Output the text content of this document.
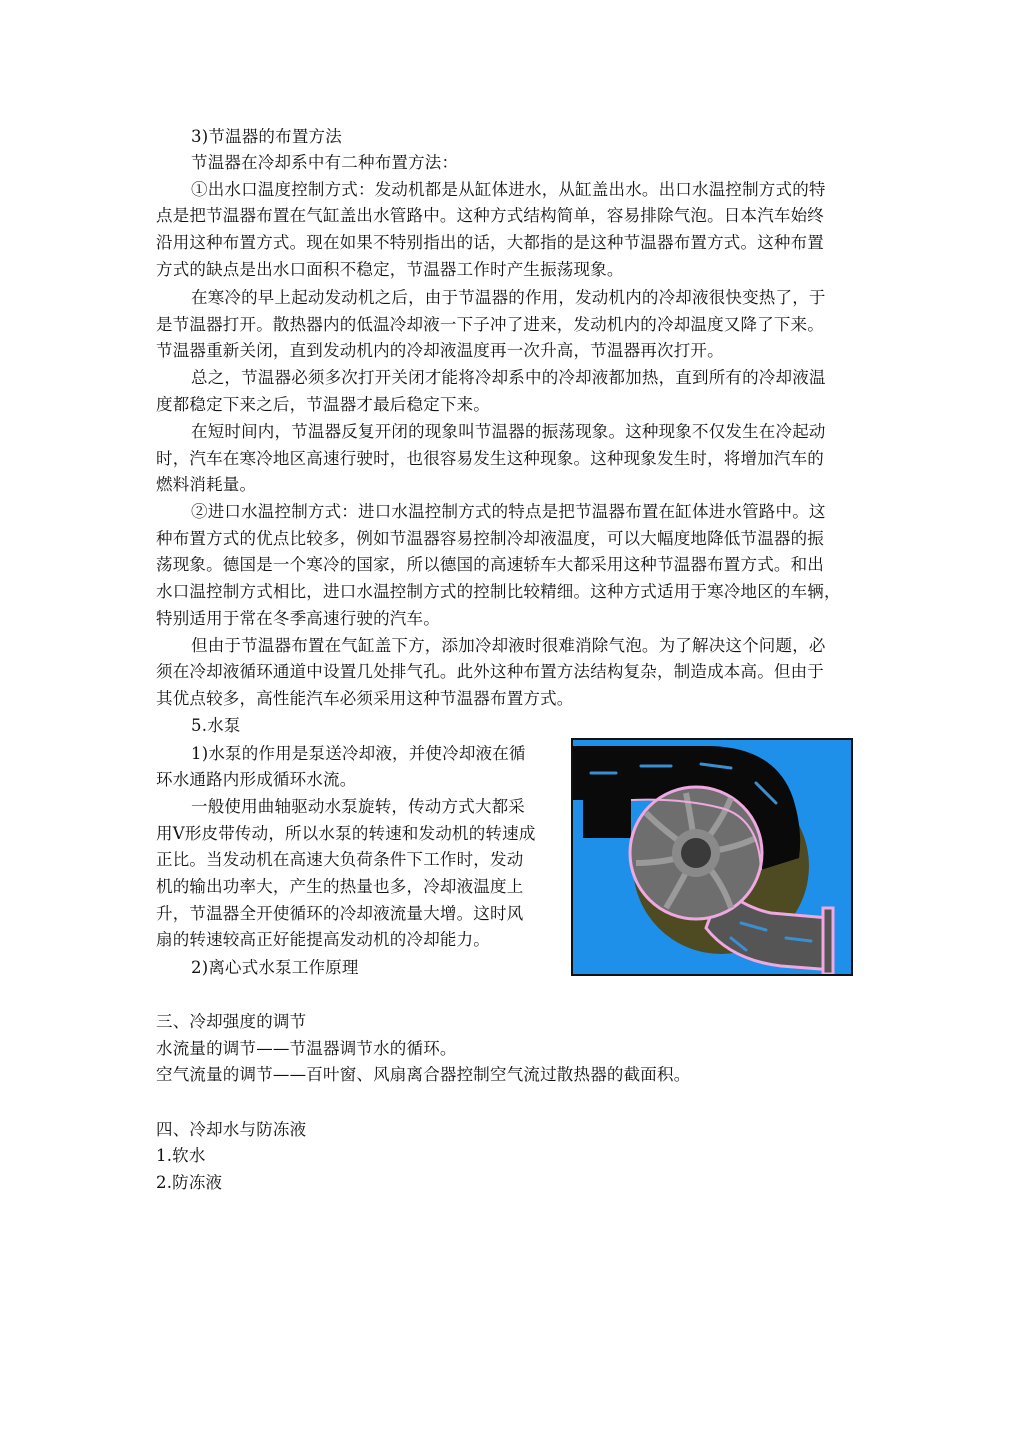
3)节温器的布置方法
节温器在冷却系中有二种布置方法：
①出水口温度控制方式：发动机都是从缸体进水，从缸盖出水。出口水温控制方式的特
点是把节温器布置在气缸盖出水管路中。这种方式结构简单，容易排除气泡。日本汽车始终
沿用这种布置方式。现在如果不特别指出的话，大都指的是这种节温器布置方式。这种布置
方式的缺点是出水口面积不稳定，节温器工作时产生振荡现象。
在寒冷的早上起动发动机之后，由于节温器的作用，发动机内的冷却液很快变热了，于
是节温器打开。散热器内的低温冷却液一下子冲了进来，发动机内的冷却温度又降了下来。
节温器重新关闭，直到发动机内的冷却液温度再一次升高，节温器再次打开。
总之，节温器必须多次打开关闭才能将冷却系中的冷却液都加热，直到所有的冷却液温
度都稳定下来之后，节温器才最后稳定下来。
在短时间内，节温器反复开闭的现象叫节温器的振荡现象。这种现象不仅发生在冷起动
时，汽车在寒冷地区高速行驶时，也很容易发生这种现象。这种现象发生时，将增加汽车的
燃料消耗量。
②进口水温控制方式：进口水温控制方式的特点是把节温器布置在缸体进水管路中。这
种布置方式的优点比较多，例如节温器容易控制冷却液温度，可以大幅度地降低节温器的振
荡现象。德国是一个寒冷的国家，所以德国的高速轿车大都采用这种节温器布置方式。和出
水口温控制方式相比，进口水温控制方式的控制比较精细。这种方式适用于寒冷地区的车辆，
特别适用于常在冬季高速行驶的汽车。
但由于节温器布置在气缸盖下方，添加冷却液时很难消除气泡。为了解决这个问题，必
须在冷却液循环通道中设置几处排气孔。此外这种布置方法结构复杂，制造成本高。但由于
其优点较多，高性能汽车必须采用这种节温器布置方式。
5.水泵
1)水泵的作用是泵送冷却液，并使冷却液在循
环水通路内形成循环水流。
一般使用曲轴驱动水泵旋转，传动方式大都采
用V形皮带传动，所以水泵的转速和发动机的转速成
正比。当发动机在高速大负荷条件下工作时，发动
机的输出功率大，产生的热量也多，冷却液温度上
升，节温器全开使循环的冷却液流量大增。这时风
扇的转速较高正好能提高发动机的冷却能力。
2)离心式水泵工作原理
三、冷却强度的调节
水流量的调节——节温器调节水的循环。
空气流量的调节——百叶窗、风扇离合器控制空气流过散热器的截面积。
四、冷却水与防冻液
1.软水
2.防冻液
